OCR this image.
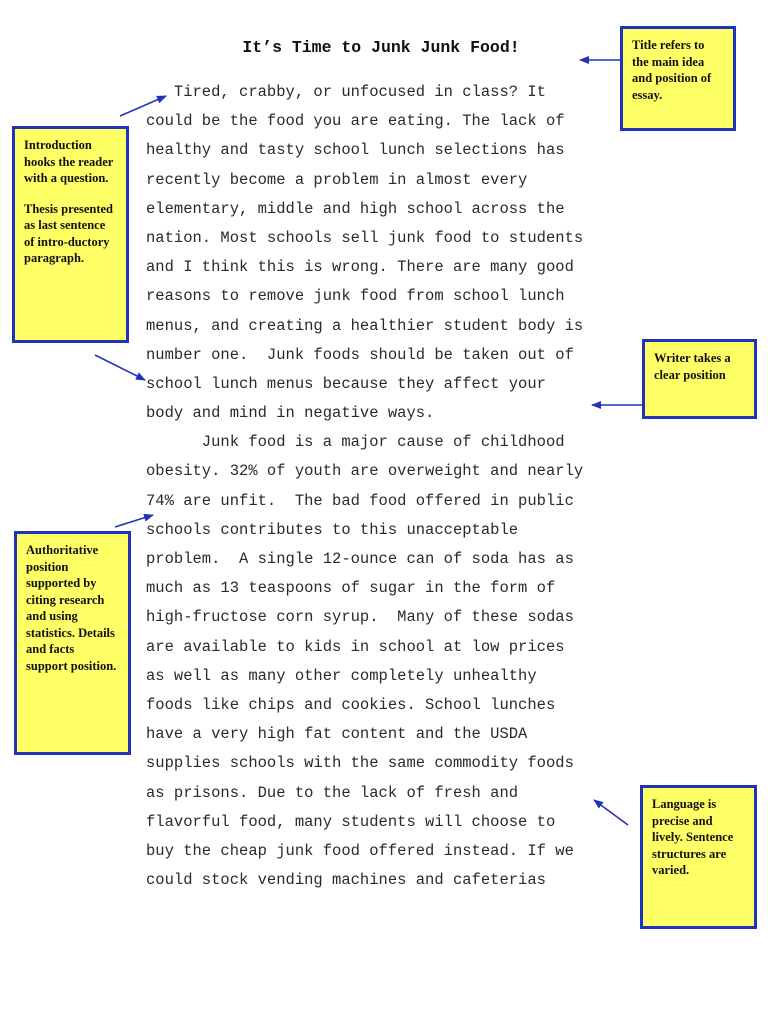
It’s Time to Junk Junk Food!
Tired, crabby, or unfocused in class? It
could be the food you are eating. The lack of
healthy and tasty school lunch selections has
recently become a problem in almost every
elementary, middle and high school across the
nation. Most schools sell junk food to students
and I think this is wrong. There are many good
reasons to remove junk food from school lunch
menus, and creating a healthier student body is
number one.  Junk foods should be taken out of
school lunch menus because they affect your
body and mind in negative ways.
Junk food is a major cause of childhood
obesity. 32% of youth are overweight and nearly
74% are unfit.  The bad food offered in public
schools contributes to this unacceptable
problem.  A single 12-ounce can of soda has as
much as 13 teaspoons of sugar in the form of
high-fructose corn syrup.  Many of these sodas
are available to kids in school at low prices
as well as many other completely unhealthy
foods like chips and cookies. School lunches
have a very high fat content and the USDA
supplies schools with the same commodity foods
as prisons. Due to the lack of fresh and
flavorful food, many students will choose to
buy the cheap junk food offered instead. If we
could stock vending machines and cafeterias

Title refers to the main idea and position of essay.

Introduction hooks the reader with a question.

Thesis presented as last sentence of intro-ductory paragraph.

Writer takes a clear position

Authoritative position supported by citing research and using statistics. Details and facts support position.

Language is precise and lively. Sentence structures are varied.
